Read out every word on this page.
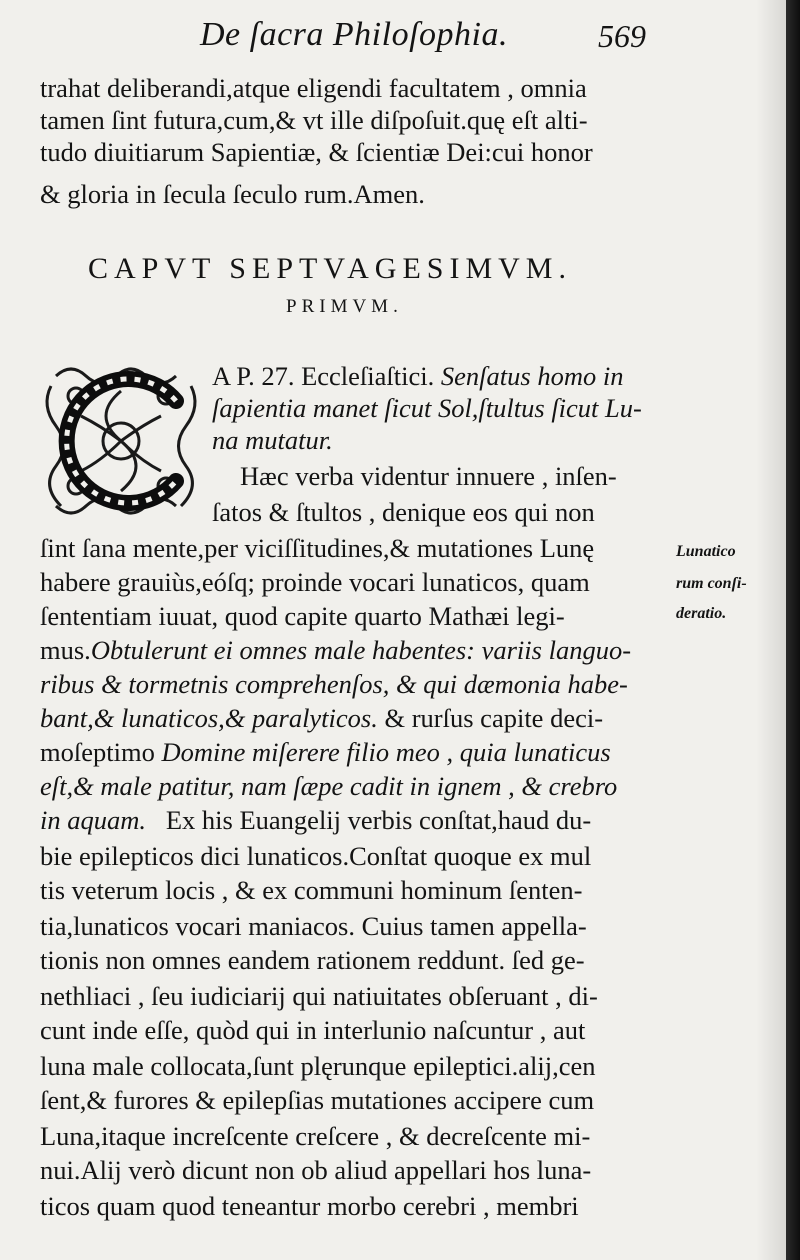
De ſacra Philoſophia.	569
trahat deliberandi,atque eligendi facultatem , omnia
tamen ſint futura,cum,& vt ille diſpoſuit.quę eſt alti-
tudo diuitiarum Sapientiæ, & ſcientiæ Dei:cui honor
& gloria in ſecula ſeculo rum.Amen.
CAPVT SEPTVAGESIMVM.
PRIMVM.
A P. 27. Eccleſiaſtici. Senſatus homo in
ſapientia manet ſicut Sol,ſtultus ſicut Lu-
na mutatur.
Hæc verba videntur innuere , inſen-
ſatos & ſtultos , denique eos qui non
ſint ſana mente,per viciſſitudines,& mutationes Lunę
habere grauiùs,eóſq; proinde vocari lunaticos, quam
ſententiam iuuat, quod capite quarto Mathæi legi-
mus.Obtulerunt ei omnes male habentes: variis languo-
ribus & tormetnis comprehenſos, & qui dæmonia habe-
bant,& lunaticos,& paralyticos. & rurſus capite deci-
moſeptimo Domine miſerere filio meo , quia lunaticus
eſt,& male patitur, nam ſæpe cadit in ignem , & crebro
in aquam.   Ex his Euangelij verbis conſtat,haud du-
bie epilepticos dici lunaticos.Conſtat quoque ex mul
tis veterum locis , & ex communi hominum ſenten-
tia,lunaticos vocari maniacos. Cuius tamen appella-
tionis non omnes eandem rationem reddunt. ſed ge-
nethliaci , ſeu iudiciarij qui natiuitates obſeruant , di-
cunt inde eſſe, quòd qui in interlunio naſcuntur , aut
luna male collocata,ſunt plęrunque epileptici.alij,cen
ſent,& furores & epilepſias mutationes accipere cum
Luna,itaque increſcente creſcere , & decreſcente mi-
nui.Alij verò dicunt non ob aliud appellari hos luna-
ticos quam quod teneantur morbo cerebri , membri
Lunatico
rum conſi-
deratio.
